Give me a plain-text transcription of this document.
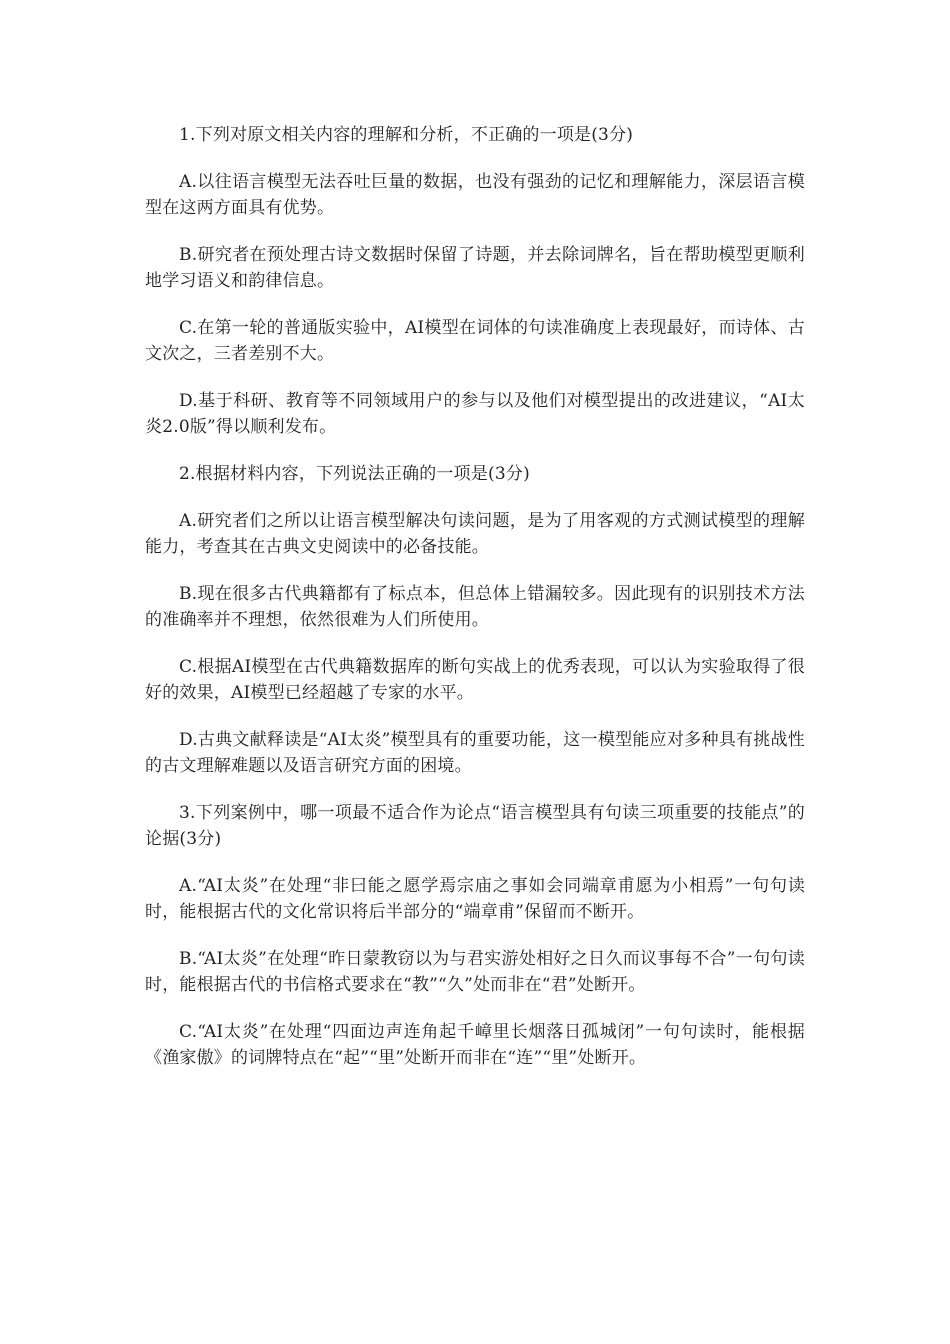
1.下列对原文相关内容的理解和分析，不正确的一项是(3分)

A.以往语言模型无法吞吐巨量的数据，也没有强劲的记忆和理解能力，深层语言模型在这两方面具有优势。

B.研究者在预处理古诗文数据时保留了诗题，并去除词牌名，旨在帮助模型更顺利地学习语义和韵律信息。

C.在第一轮的普通版实验中，AI模型在词体的句读准确度上表现最好，而诗体、古文次之，三者差别不大。

D.基于科研、教育等不同领域用户的参与以及他们对模型提出的改进建议，“AI太炎2.0版”得以顺利发布。

2.根据材料内容，下列说法正确的一项是(3分)

A.研究者们之所以让语言模型解决句读问题，是为了用客观的方式测试模型的理解能力，考查其在古典文史阅读中的必备技能。

B.现在很多古代典籍都有了标点本，但总体上错漏较多。因此现有的识别技术方法的准确率并不理想，依然很难为人们所使用。

C.根据AI模型在古代典籍数据库的断句实战上的优秀表现，可以认为实验取得了很好的效果，AI模型已经超越了专家的水平。

D.古典文献释读是“AI太炎”模型具有的重要功能，这一模型能应对多种具有挑战性的古文理解难题以及语言研究方面的困境。

3.下列案例中，哪一项最不适合作为论点“语言模型具有句读三项重要的技能点”的论据(3分)

A.“AI太炎”在处理“非曰能之愿学焉宗庙之事如会同端章甫愿为小相焉”一句句读时，能根据古代的文化常识将后半部分的“端章甫”保留而不断开。

B.“AI太炎”在处理“昨日蒙教窃以为与君实游处相好之日久而议事每不合”一句句读时，能根据古代的书信格式要求在“教”“久”处而非在“君”处断开。

C.“AI太炎”在处理“四面边声连角起千嶂里长烟落日孤城闭”一句句读时，能根据《渔家傲》的词牌特点在“起”“里”处断开而非在“连”“里”处断开。
